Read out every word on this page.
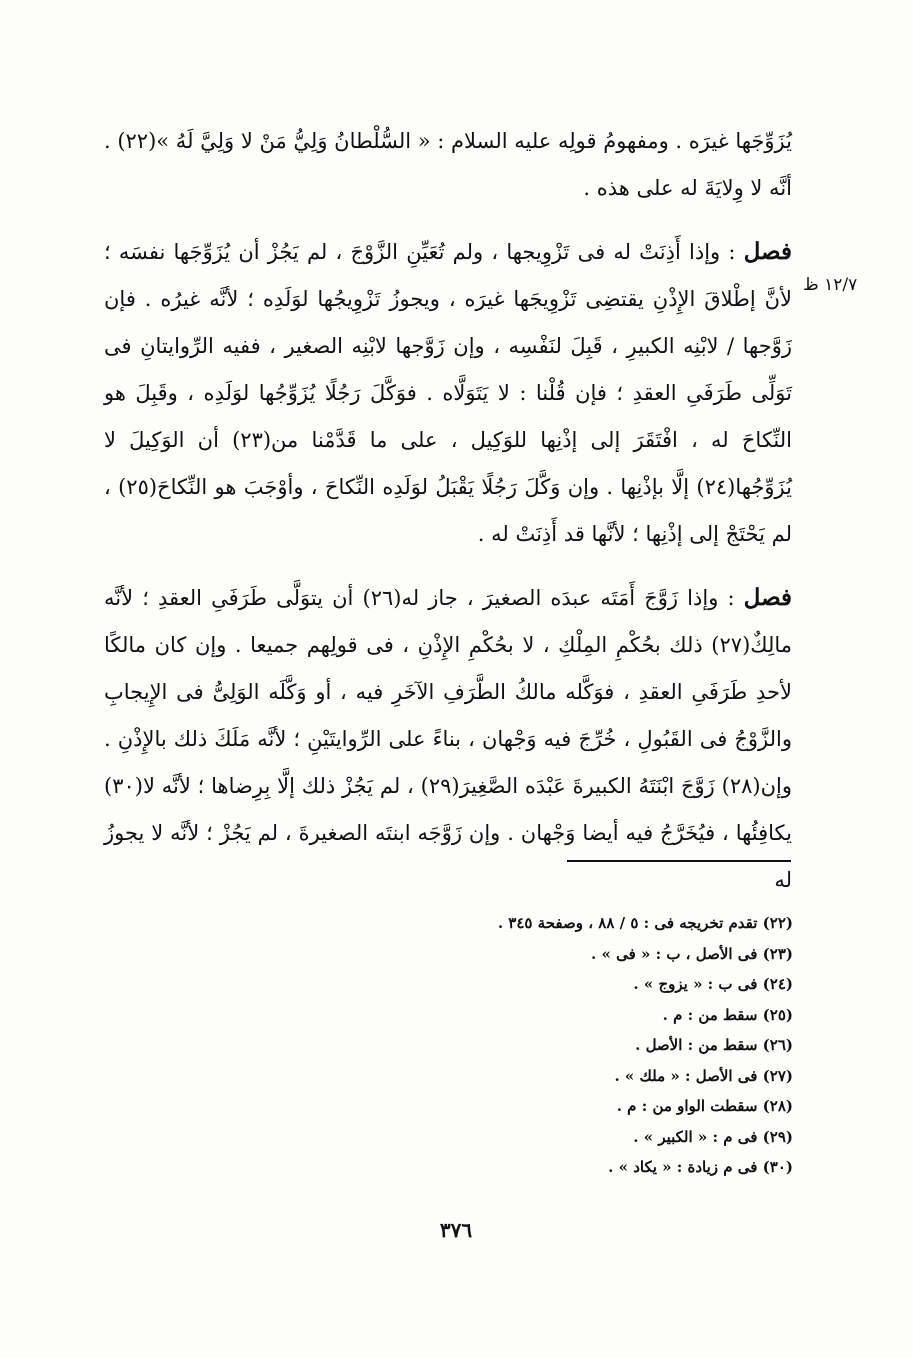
١٢/٧ ظ

يُزَوِّجَها غيرَه . ومفهومُ قولِه عليه السلام : « السُّلْطانُ وَلِيُّ مَنْ لا وَلِيَّ لَهُ »(٢٢) . أنَّه لا وِلايَةَ له على هذه .

فصل : وإذا أَذِنَتْ له فى تَزْوِيجها ، ولم تُعَيِّنِ الزَّوْجَ ، لم يَجُزْ أن يُزَوِّجَها نفسَه ؛ لأنَّ إطْلاقَ الإِذْنِ يقتضِى تَزْوِيجَها غيرَه ، ويجوزُ تَزْوِيجُها لوَلَدِه ؛ لأنَّه غيرُه . فإن زَوَّجها / لابْنِه الكبيرِ ، قَبِلَ لنَفْسِه ، وإن زَوَّجها لابْنِه الصغير ، ففيه الرِّوايتانِ فى تَوَلِّى طَرَفَىِ العقدِ ؛ فإن قُلْنا : لا يَتَوَلَّاه . فوَكَّلَ رَجُلًا يُزَوِّجُها لوَلَدِه ، وقَبِلَ هو النِّكاحَ له ، افْتَقَرَ إلى إذْنِها للوَكِيل ، على ما قَدَّمْنا من(٢٣) أن الوَكِيلَ لا يُزَوِّجُها(٢٤) إلَّا بإذْنِها . وإن وَكَّلَ رَجُلًا يَقْبَلُ لوَلَدِه النِّكاحَ ، وأوْجَبَ هو النِّكاحَ(٢٥) ، لم يَحْتَجْ إلى إذْنِها ؛ لأنَّها قد أَذِنَتْ له .

فصل : وإذا زَوَّجَ أَمَتَه عبدَه الصغيرَ ، جاز له(٢٦) أن يتوَلَّى طَرَفَىِ العقدِ ؛ لأنَّه مالِكٌ(٢٧) ذلك بحُكْمِ المِلْكِ ، لا بحُكْمِ الإِذْنِ ، فى قولِهم جميعا . وإن كان مالكًا لأحدِ طَرَفَىِ العقدِ ، فوَكَّله مالكُ الطَّرَفِ الآخَرِ فيه ، أو وَكَّلَه الوَلِىُّ فى الإِيجابِ والزَّوْجُ فى القَبُولِ ، خُرِّجَ فيه وَجْهان ، بناءً على الرِّوايتَيْنِ ؛ لأنَّه مَلَكَ ذلك بالإِذْنِ . وإن(٢٨) زَوَّجَ ابْنَتَهُ الكبيرةَ عَبْدَه الصَّغِيرَ(٢٩) ، لم يَجُزْ ذلك إلَّا بِرِضاها ؛ لأنَّه لا(٣٠) يكافِئُها ، فيُخَرَّجُ فيه أيضا وَجْهان . وإن زَوَّجَه ابنتَه الصغيرةَ ، لم يَجُزْ ؛ لأنَّه لا يجوزُ له

(٢٢) تقدم تخريجه فى : ٥ / ٨٨ ، وصفحة ٣٤٥ .
(٢٣) فى الأصل ، ب : « فى » .
(٢٤) فى ب : « يزوج » .
(٢٥) سقط من : م .
(٢٦) سقط من : الأصل .
(٢٧) فى الأصل : « ملك » .
(٢٨) سقطت الواو من : م .
(٢٩) فى م : « الكبير » .
(٣٠) فى م زيادة : « يكاد » .
٣٧٦
